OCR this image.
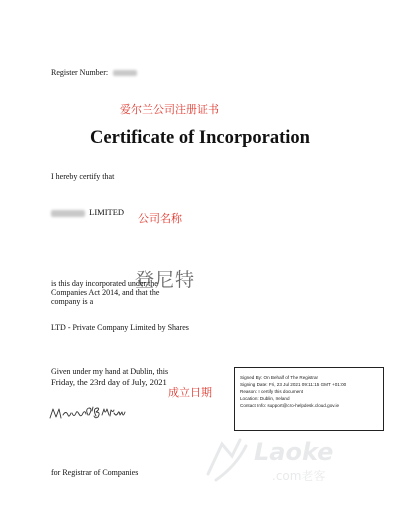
Register Number:
爱尔兰公司注册证书
Certificate of Incorporation
I hereby certify that
LIMITED 公司名称
登尼特
is this day incorporated under the
Companies Act 2014, and that the
company is a
LTD - Private Company Limited by Shares
Given under my hand at Dublin, this
Friday, the 23rd day of July, 2021
成立日期
Signed By: On Behalf of The Registrar
Signing Date: Fri, 23 Jul 2021 09:11:15 GMT +01:00
Reason: I certify this document
Location: Dublin, Ireland
Contact Info: support@cro-helpdesk.cloud.gov.ie
Laoke
.com老客
for Registrar of Companies
